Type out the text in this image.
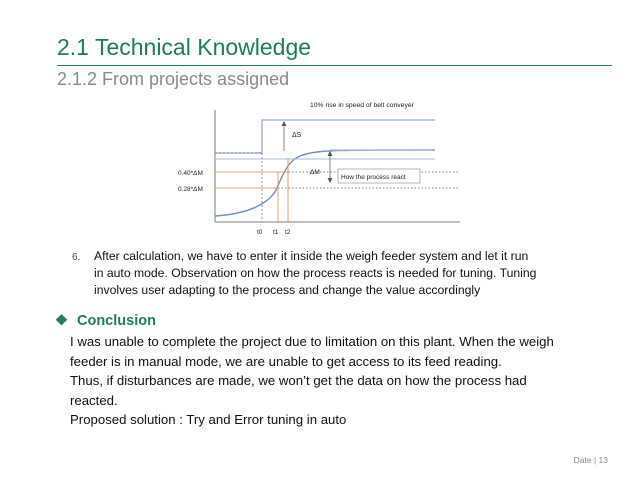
2.1 Technical Knowledge
2.1.2 From projects assigned
10% rise in speed of belt conveyer
ΔS
ΔM
How the process react
0.40*ΔM
0.28*ΔM
t0 t1 t2
6. After calculation, we have to enter it inside the weigh feeder system and let it run
in auto mode. Observation on how the process reacts is needed for tuning. Tuning
involves user adapting to the process and change the value accordingly
❖ Conclusion
I was unable to complete the project due to limitation on this plant. When the weigh
feeder is in manual mode, we are unable to get access to its feed reading.
Thus, if disturbances are made, we won’t get the data on how the process had
reacted.
Proposed solution : Try and Error tuning in auto
Date | 13
